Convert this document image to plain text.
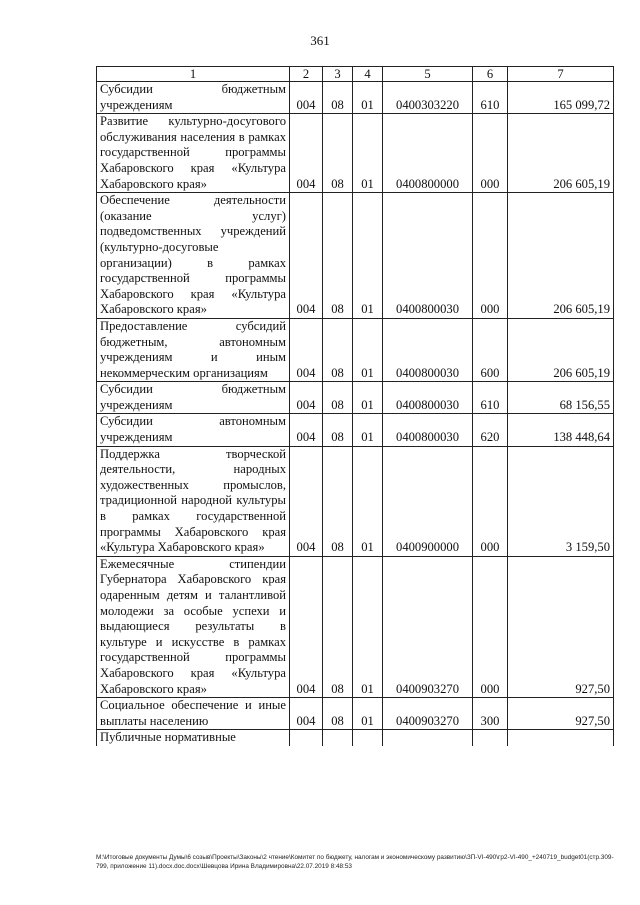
361
1	2	3	4	5	6	7
Субсидии бюджетным учреждениям	004	08	01	0400303220	610	165 099,72
Развитие культурно-досугового обслуживания населения в рамках государственной программы Хабаровского края «Культура Хабаровского края»	004	08	01	0400800000	000	206 605,19
Обеспечение деятельности (оказание услуг) подведомственных учреждений (культурно-досуговые организации) в рамках государственной программы Хабаровского края «Культура Хабаровского края»	004	08	01	0400800030	000	206 605,19
Предоставление субсидий бюджетным, автономным учреждениям и иным некоммерческим организациям	004	08	01	0400800030	600	206 605,19
Субсидии бюджетным учреждениям	004	08	01	0400800030	610	68 156,55
Субсидии автономным учреждениям	004	08	01	0400800030	620	138 448,64
Поддержка творческой деятельности, народных художественных промыслов, традиционной народной культуры в рамках государственной программы Хабаровского края «Культура Хабаровского края»	004	08	01	0400900000	000	3 159,50
Ежемесячные стипендии Губернатора Хабаровского края одаренным детям и талантливой молодежи за особые успехи и выдающиеся результаты в культуре и искусстве в рамках государственной программы Хабаровского края «Культура Хабаровского края»	004	08	01	0400903270	000	927,50
Социальное обеспечение и иные выплаты населению	004	08	01	0400903270	300	927,50
Публичные нормативные						
M:\Итоговые документы Думы\6 созыв\Проекты\Законы\2 чтение\Комитет по бюджету, налогам и экономическому развитию\ЗП-VI-490\гр2-VI-490_+240719_budget01(стр.309-799, приложение 11).docx.doc.docx\Шевцова Ирина Владимировна\22.07.2019 8:48:53
